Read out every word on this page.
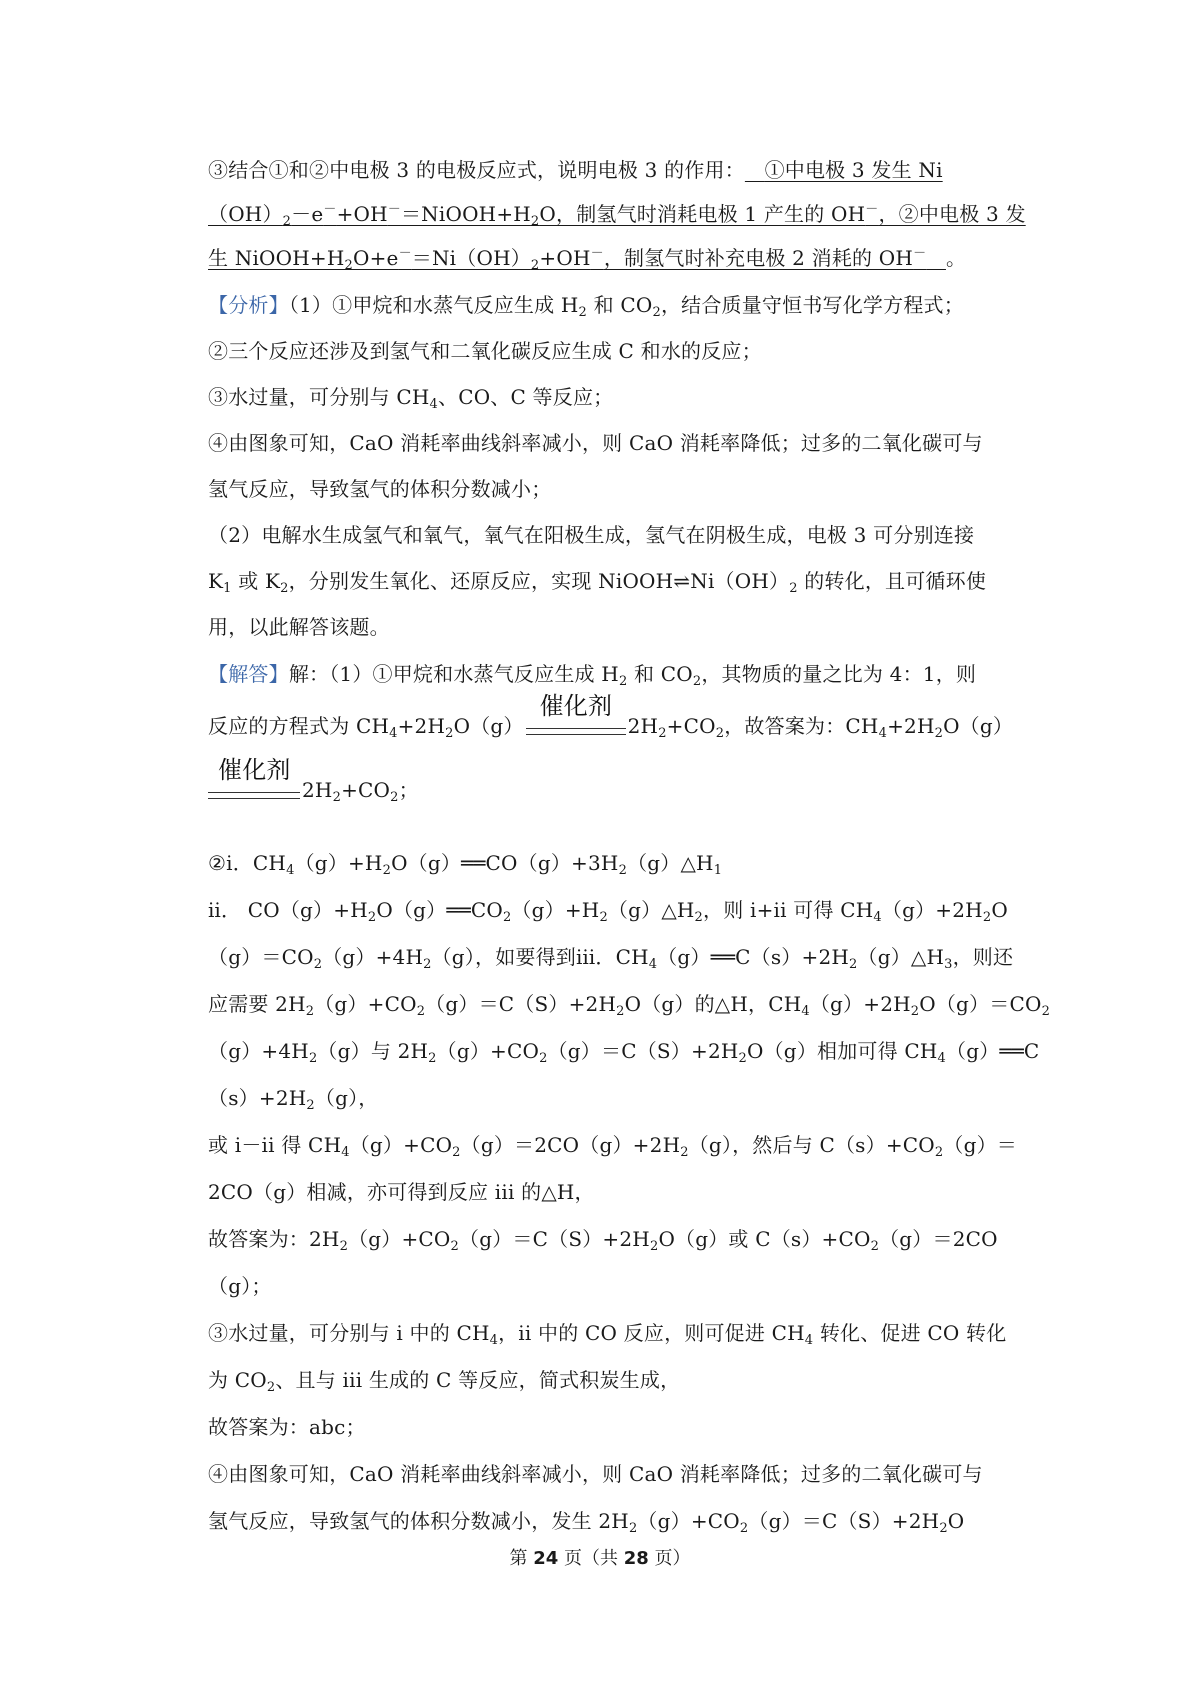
③结合①和②中电极 3 的电极反应式，说明电极 3 的作用： ①中电极 3 发生 Ni
$(OH)_2-e^-+OH^-=NiOOH+H_2O$，制氢气时消耗电极 1 产生的 OH－，②中电极 3 发
生 $NiOOH+H_2O+e^-=Ni(OH)_2+OH^-$，制氢气时补充电极 2 消耗的 OH－ 。
【分析】（1）①甲烷和水蒸气反应生成 $H_2$ 和 $CO_2$，结合质量守恒书写化学方程式；
②三个反应还涉及到氢气和二氧化碳反应生成 C 和水的反应；
③水过量，可分别与 $CH_4$、CO、C 等反应；
④由图象可知，CaO 消耗率曲线斜率减小，则 CaO 消耗率降低；过多的二氧化碳可与
氢气反应，导致氢气的体积分数减小；
（2）电解水生成氢气和氧气，氧气在阳极生成，氢气在阴极生成，电极 3 可分别连接
$K_1$ 或 $K_2$，分别发生氧化、还原反应，实现 $NiOOH\rightleftharpoons Ni(OH)_2$ 的转化，且可循环使
用，以此解答该题。
【解答】解：（1）①甲烷和水蒸气反应生成 $H_2$ 和 $CO_2$，其物质的量之比为 4：1，则
反应的方程式为 $CH_4+2H_2O(g)$
催化剂
$2H_2+CO_2$，故答案为：$CH_4+2H_2O(g)$
催化剂
$2H_2+CO_2$；
②ⅰ．$CH_4(g)+H_2O(g)══CO(g)+3H_2(g)\triangle H_1$
ⅱ． $CO(g)+H_2O(g)══CO_2(g)+H_2(g)\triangle H_2$，则 i+ii 可得 $CH_4(g)+2H_2O$
$(g)=CO_2(g)+4H_2(g)$，如要得到ⅲ．$CH_4(g)══C(s)+2H_2(g)\triangle H_3$，则还
应需要 $2H_2(g)+CO_2(g)=C(S)+2H_2O(g)$的△H，$CH_4(g)+2H_2O(g)=CO_2$
$(g)+4H_2(g)$与 $2H_2(g)+CO_2(g)=C(S)+2H_2O(g)$相加可得 $CH_4(g)══C$
$(s)+2H_2(g)$，
或 i－ii 得 $CH_4(g)+CO_2(g)=2CO(g)+2H_2(g)$，然后与 $C(s)+CO_2(g)=$
2CO（g）相减，亦可得到反应 iii 的△H，
故答案为：$2H_2(g)+CO_2(g)=C(S)+2H_2O(g)$或 $C(s)+CO_2(g)=2CO$
（g）；
③水过量，可分别与 i 中的 $CH_4$，ii 中的 CO 反应，则可促进 $CH_4$ 转化、促进 CO 转化
为 $CO_2$、且与 iii 生成的 C 等反应，简式积炭生成，
故答案为：abc；
④由图象可知，CaO 消耗率曲线斜率减小，则 CaO 消耗率降低；过多的二氧化碳可与
氢气反应，导致氢气的体积分数减小，发生 $2H_2(g)+CO_2(g)=C(S)+2H_2O$
第 24 页（共 28 页）
